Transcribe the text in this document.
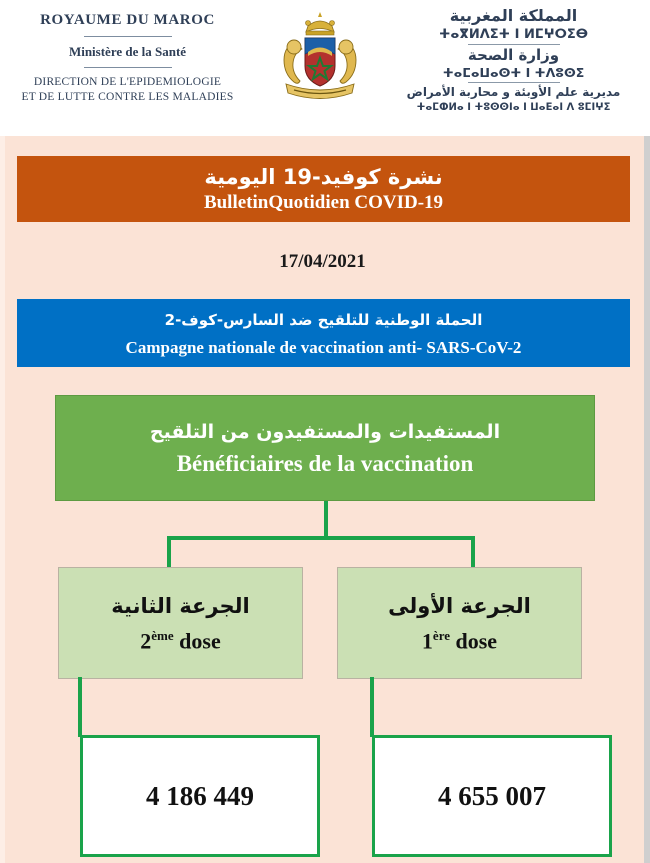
ROYAUME DU MAROC
Ministère de la Santé
DIRECTION DE L'EPIDEMIOLOGIE
ET DE LUTTE CONTRE LES MALADIES
المملكة المغربية
ⵜⴰⴳⵍⴷⵉⵜ ⵏ ⵍⵎⵖⵔⵉⴱ
وزارة الصحة
ⵜⴰⵎⴰⵡⴰⵙⵜ ⵏ ⵜⴷⵓⵙⵉ
مديرية علم الأوبئة و محاربة الأمراض
ⵜⴰⵎⵀⵍⴰ ⵏ ⵜⵓⵙⵙⵏⴰ ⵏ ⵡⴰⴹⴰⵏ ⴷ ⵓⵎⵏⵖⵉ
نشرة كوفيد-19 اليومية
BulletinQuotidien COVID-19
17/04/2021
الحملة الوطنية للتلقيح ضد السارس-كوف-2
Campagne nationale de vaccination anti- SARS-CoV-2
المستفيدات والمستفيدون من التلقيح
Bénéficiaires de la vaccination
الجرعة الثانية
2ème dose
الجرعة الأولى
1ère dose
4 186 449	4 655 007
